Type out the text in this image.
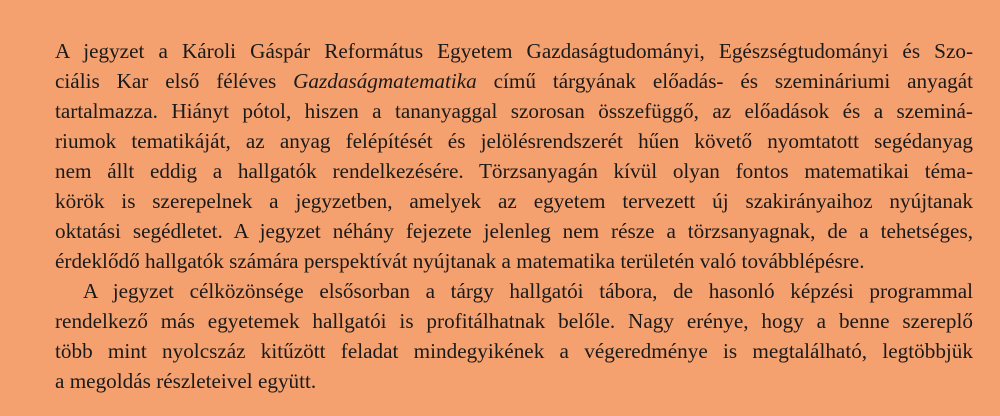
A jegyzet a Károli Gáspár Református Egyetem Gazdaságtudományi, Egészségtudományi és Szo-
ciális Kar első féléves Gazdaságmatematika című tárgyának előadás- és szemináriumi anyagát
tartalmazza. Hiányt pótol, hiszen a tananyaggal szorosan összefüggő, az előadások és a szeminá-
riumok tematikáját, az anyag felépítését és jelölésrendszerét hűen követő nyomtatott segédanyag
nem állt eddig a hallgatók rendelkezésére. Törzsanyagán kívül olyan fontos matematikai téma-
körök is szerepelnek a jegyzetben, amelyek az egyetem tervezett új szakirányaihoz nyújtanak
oktatási segédletet. A jegyzet néhány fejezete jelenleg nem része a törzsanyagnak, de a tehetséges,
érdeklődő hallgatók számára perspektívát nyújtanak a matematika területén való továbblépésre.
A jegyzet célközönsége elsősorban a tárgy hallgatói tábora, de hasonló képzési programmal
rendelkező más egyetemek hallgatói is profitálhatnak belőle. Nagy erénye, hogy a benne szereplő
több mint nyolcszáz kitűzött feladat mindegyikének a végeredménye is megtalálható, legtöbbjük
a megoldás részleteivel együtt.
